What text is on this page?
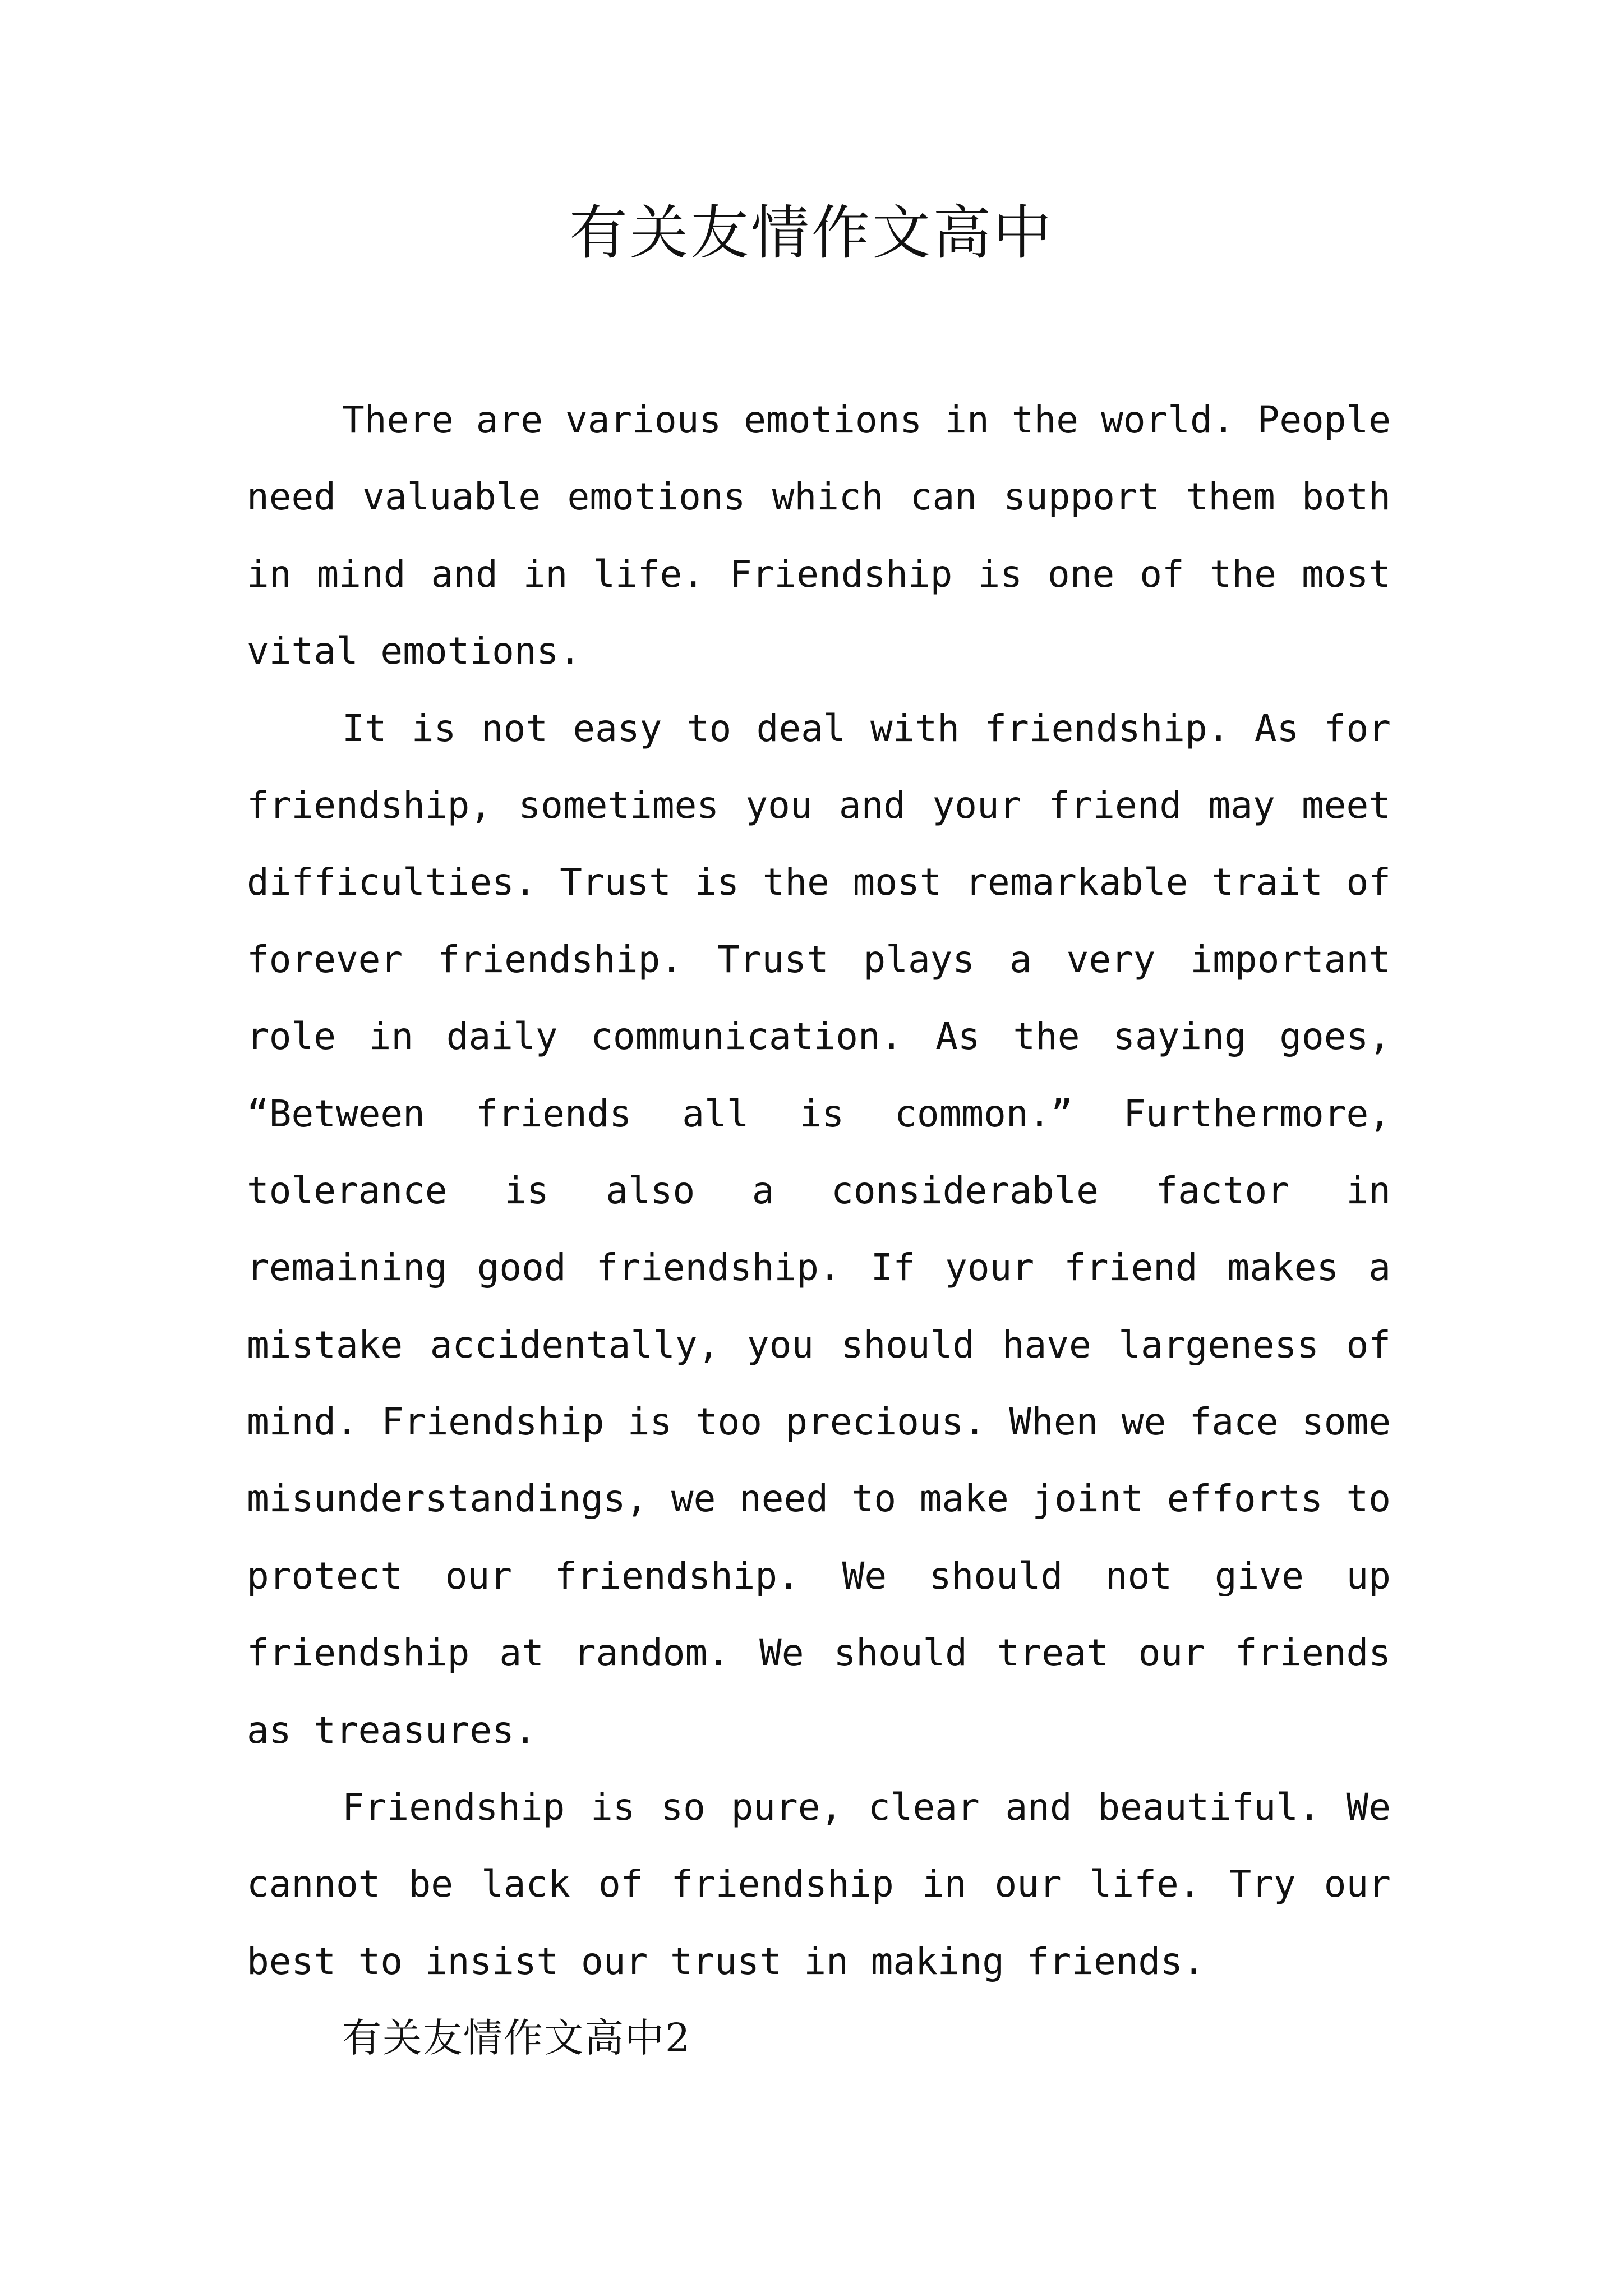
有关友情作文高中
There are various emotions in the world. People
need valuable emotions which can support them both
in mind and in life. Friendship is one of the most
vital emotions.
It is not easy to deal with friendship. As for
friendship, sometimes you and your friend may meet
difficulties. Trust is the most remarkable trait of
forever friendship. Trust plays a very important
role in daily communication. As the saying goes,
“Between friends all is common.” Furthermore,
tolerance is also a considerable factor in
remaining good friendship. If your friend makes a
mistake accidentally, you should have largeness of
mind. Friendship is too precious. When we face some
misunderstandings, we need to make joint efforts to
protect our friendship. We should not give up
friendship at random. We should treat our friends
as treasures.
Friendship is so pure, clear and beautiful. We
cannot be lack of friendship in our life. Try our
best to insist our trust in making friends.
有关友情作文高中2
